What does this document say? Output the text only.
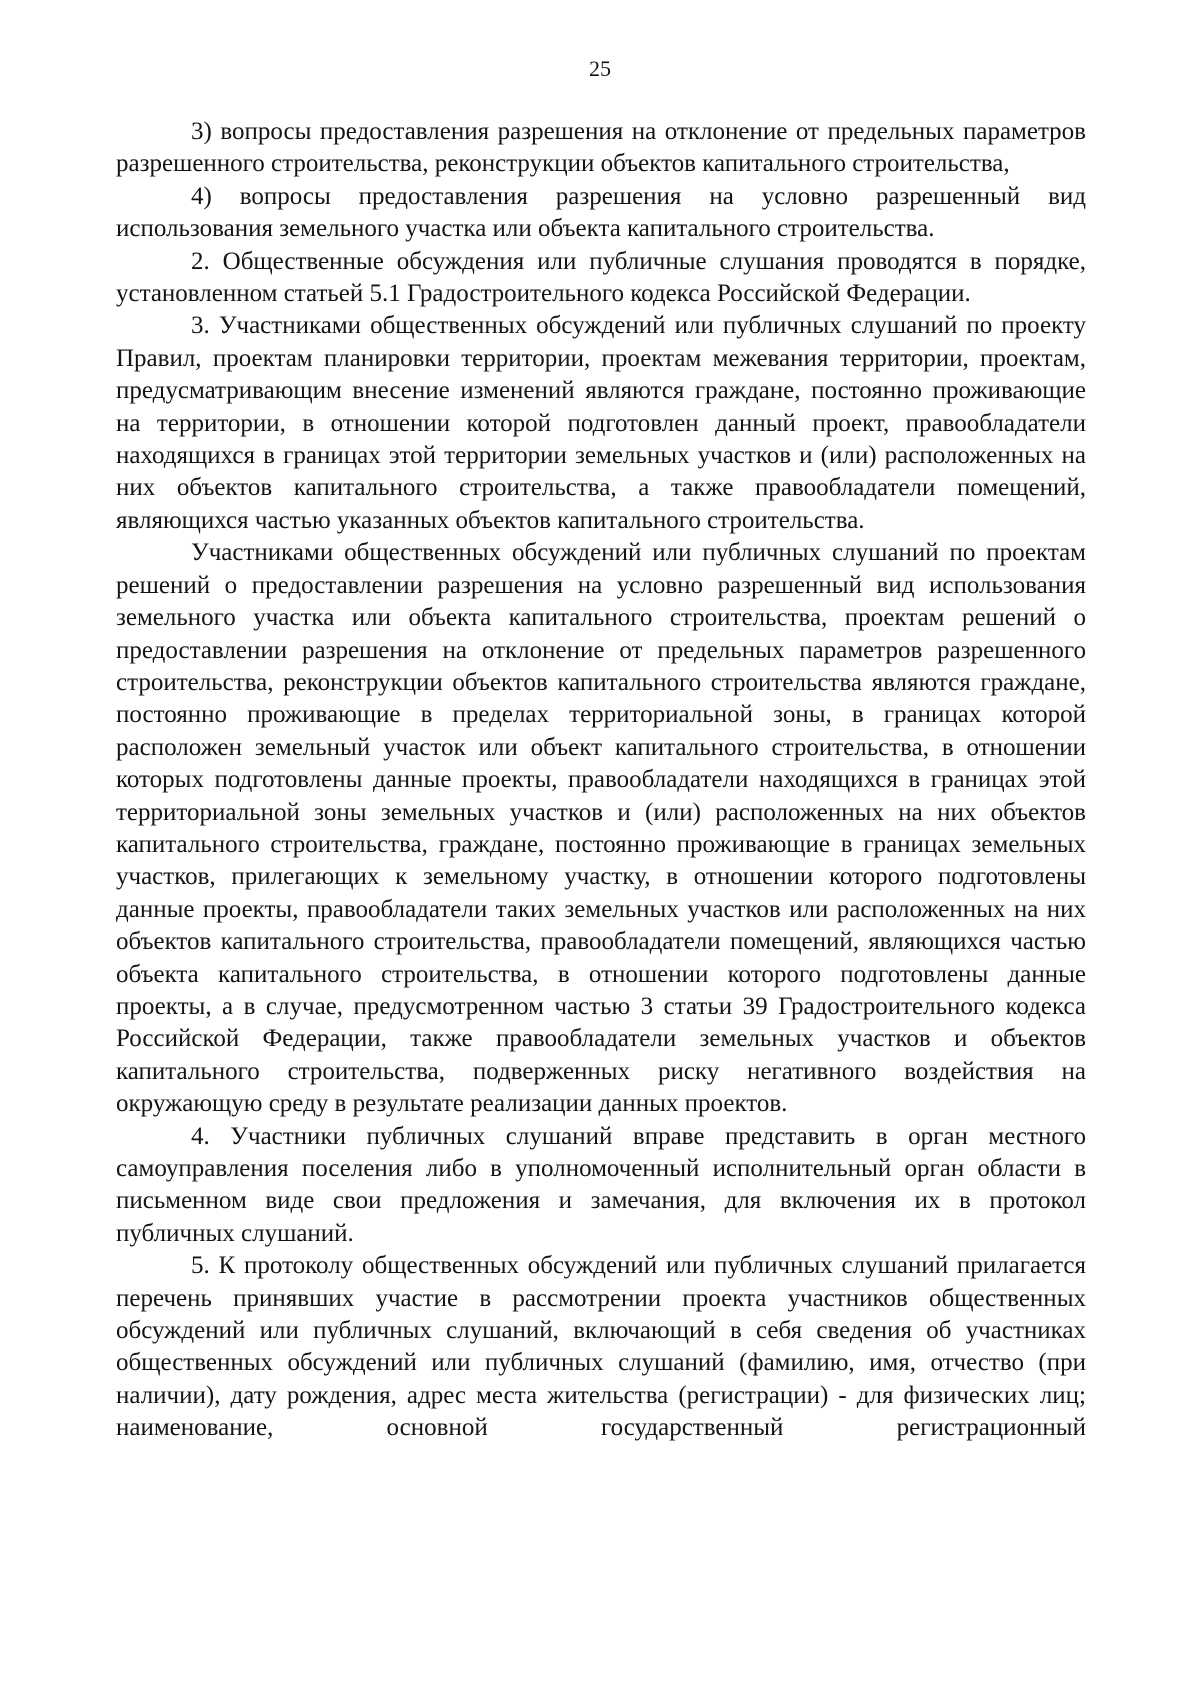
25

3) вопросы предоставления разрешения на отклонение от предельных параметров разрешенного строительства, реконструкции объектов капитального строительства,

4) вопросы предоставления разрешения на условно разрешенный вид использования земельного участка или объекта капитального строительства.

2. Общественные обсуждения или публичные слушания проводятся в порядке, установленном статьей 5.1 Градостроительного кодекса Российской Федерации.

3. Участниками общественных обсуждений или публичных слушаний по проекту Правил, проектам планировки территории, проектам межевания территории, проектам, предусматривающим внесение изменений являются граждане, постоянно проживающие на территории, в отношении которой подготовлен данный проект, правообладатели находящихся в границах этой территории земельных участков и (или) расположенных на них объектов капитального строительства, а также правообладатели помещений, являющихся частью указанных объектов капитального строительства.

Участниками общественных обсуждений или публичных слушаний по проектам решений о предоставлении разрешения на условно разрешенный вид использования земельного участка или объекта капитального строительства, проектам решений о предоставлении разрешения на отклонение от предельных параметров разрешенного строительства, реконструкции объектов капитального строительства являются граждане, постоянно проживающие в пределах территориальной зоны, в границах которой расположен земельный участок или объект капитального строительства, в отношении которых подготовлены данные проекты, правообладатели находящихся в границах этой территориальной зоны земельных участков и (или) расположенных на них объектов капитального строительства, граждане, постоянно проживающие в границах земельных участков, прилегающих к земельному участку, в отношении которого подготовлены данные проекты, правообладатели таких земельных участков или расположенных на них объектов капитального строительства, правообладатели помещений, являющихся частью объекта капитального строительства, в отношении которого подготовлены данные проекты, а в случае, предусмотренном частью 3 статьи 39 Градостроительного кодекса Российской Федерации, также правообладатели земельных участков и объектов капитального строительства, подверженных риску негативного воздействия на окружающую среду в результате реализации данных проектов.

4. Участники публичных слушаний вправе представить в орган местного самоуправления поселения либо в уполномоченный исполнительный орган области в письменном виде свои предложения и замечания, для включения их в протокол публичных слушаний.

5. К протоколу общественных обсуждений или публичных слушаний прилагается перечень принявших участие в рассмотрении проекта участников общественных обсуждений или публичных слушаний, включающий в себя сведения об участниках общественных обсуждений или публичных слушаний (фамилию, имя, отчество (при наличии), дату рождения, адрес места жительства (регистрации) - для физических лиц; наименование, основной государственный регистрационный
